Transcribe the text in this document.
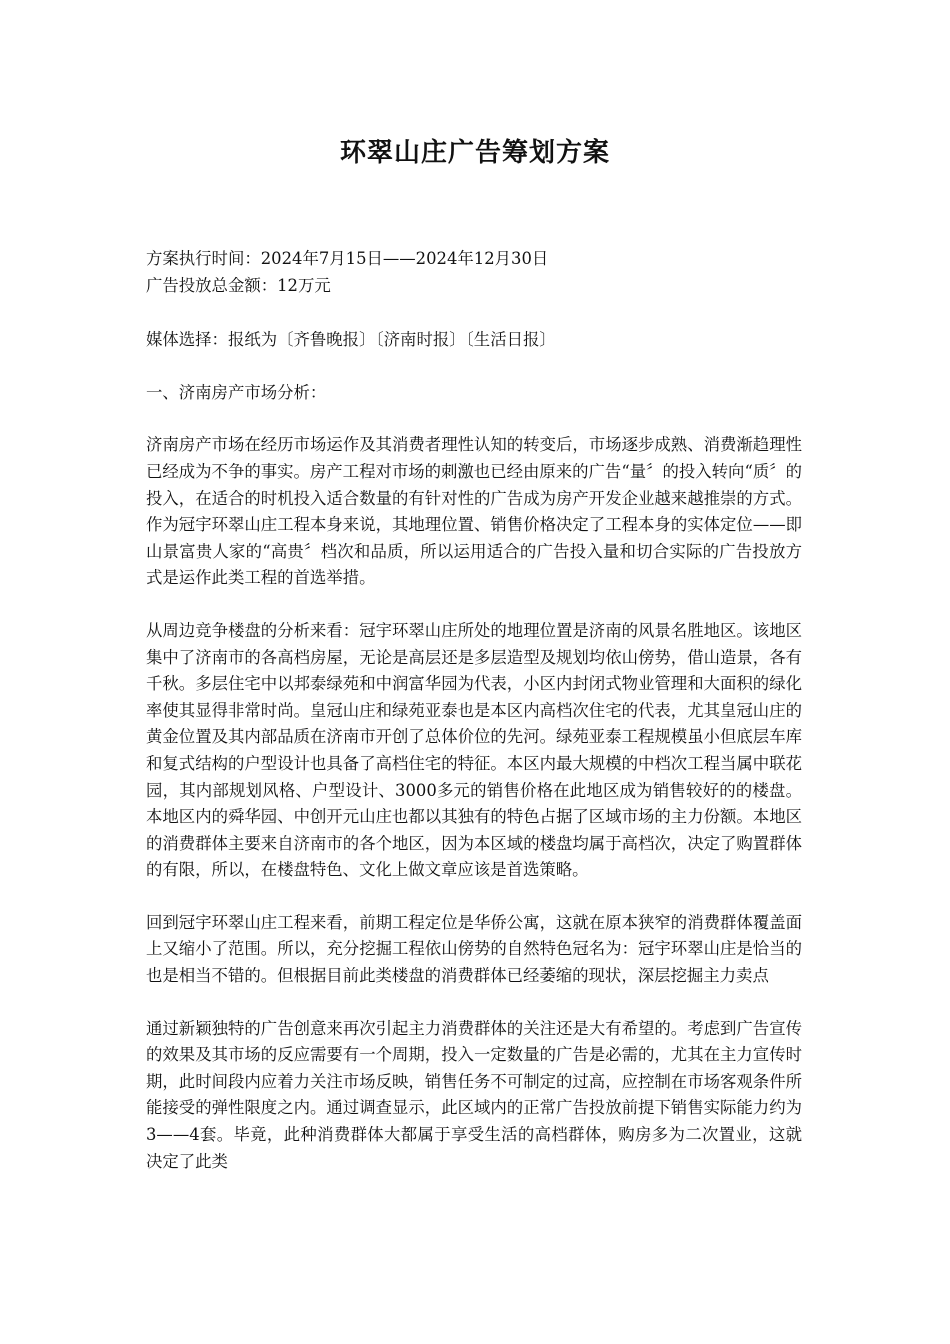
环翠山庄广告筹划方案

方案执行时间：2024年7月15日——2024年12月30日

广告投放总金额：12万元

媒体选择：报纸为〔齐鲁晚报〕〔济南时报〕〔生活日报〕

一、济南房产市场分析：

济南房产市场在经历市场运作及其消费者理性认知的转变后，市场逐步成熟、消费渐趋理性已经成为不争的事实。房产工程对市场的刺激也已经由原来的广告“量〞的投入转向“质〞的投入，在适合的时机投入适合数量的有针对性的广告成为房产开发企业越来越推崇的方式。作为冠宇环翠山庄工程本身来说，其地理位置、销售价格决定了工程本身的实体定位——即山景富贵人家的“高贵〞档次和品质，所以运用适合的广告投入量和切合实际的广告投放方式是运作此类工程的首选举措。

从周边竞争楼盘的分析来看：冠宇环翠山庄所处的地理位置是济南的风景名胜地区。该地区集中了济南市的各高档房屋，无论是高层还是多层造型及规划均依山傍势，借山造景，各有千秋。多层住宅中以邦泰绿苑和中润富华园为代表，小区内封闭式物业管理和大面积的绿化率使其显得非常时尚。皇冠山庄和绿苑亚泰也是本区内高档次住宅的代表，尤其皇冠山庄的黄金位置及其内部品质在济南市开创了总体价位的先河。绿苑亚泰工程规模虽小但底层车库和复式结构的户型设计也具备了高档住宅的特征。本区内最大规模的中档次工程当属中联花园，其内部规划风格、户型设计、3000多元的销售价格在此地区成为销售较好的的楼盘。本地区内的舜华园、中创开元山庄也都以其独有的特色占据了区域市场的主力份额。本地区的消费群体主要来自济南市的各个地区，因为本区域的楼盘均属于高档次，决定了购置群体的有限，所以，在楼盘特色、文化上做文章应该是首选策略。

回到冠宇环翠山庄工程来看，前期工程定位是华侨公寓，这就在原本狭窄的消费群体覆盖面上又缩小了范围。所以，充分挖掘工程依山傍势的自然特色冠名为：冠宇环翠山庄是恰当的也是相当不错的。但根据目前此类楼盘的消费群体已经萎缩的现状，深层挖掘主力卖点

通过新颖独特的广告创意来再次引起主力消费群体的关注还是大有希望的。考虑到广告宣传的效果及其市场的反应需要有一个周期，投入一定数量的广告是必需的，尤其在主力宣传时期，此时间段内应着力关注市场反映，销售任务不可制定的过高，应控制在市场客观条件所能接受的弹性限度之内。通过调查显示，此区域内的正常广告投放前提下销售实际能力约为3——4套。毕竟，此种消费群体大都属于享受生活的高档群体，购房多为二次置业，这就决定了此类
